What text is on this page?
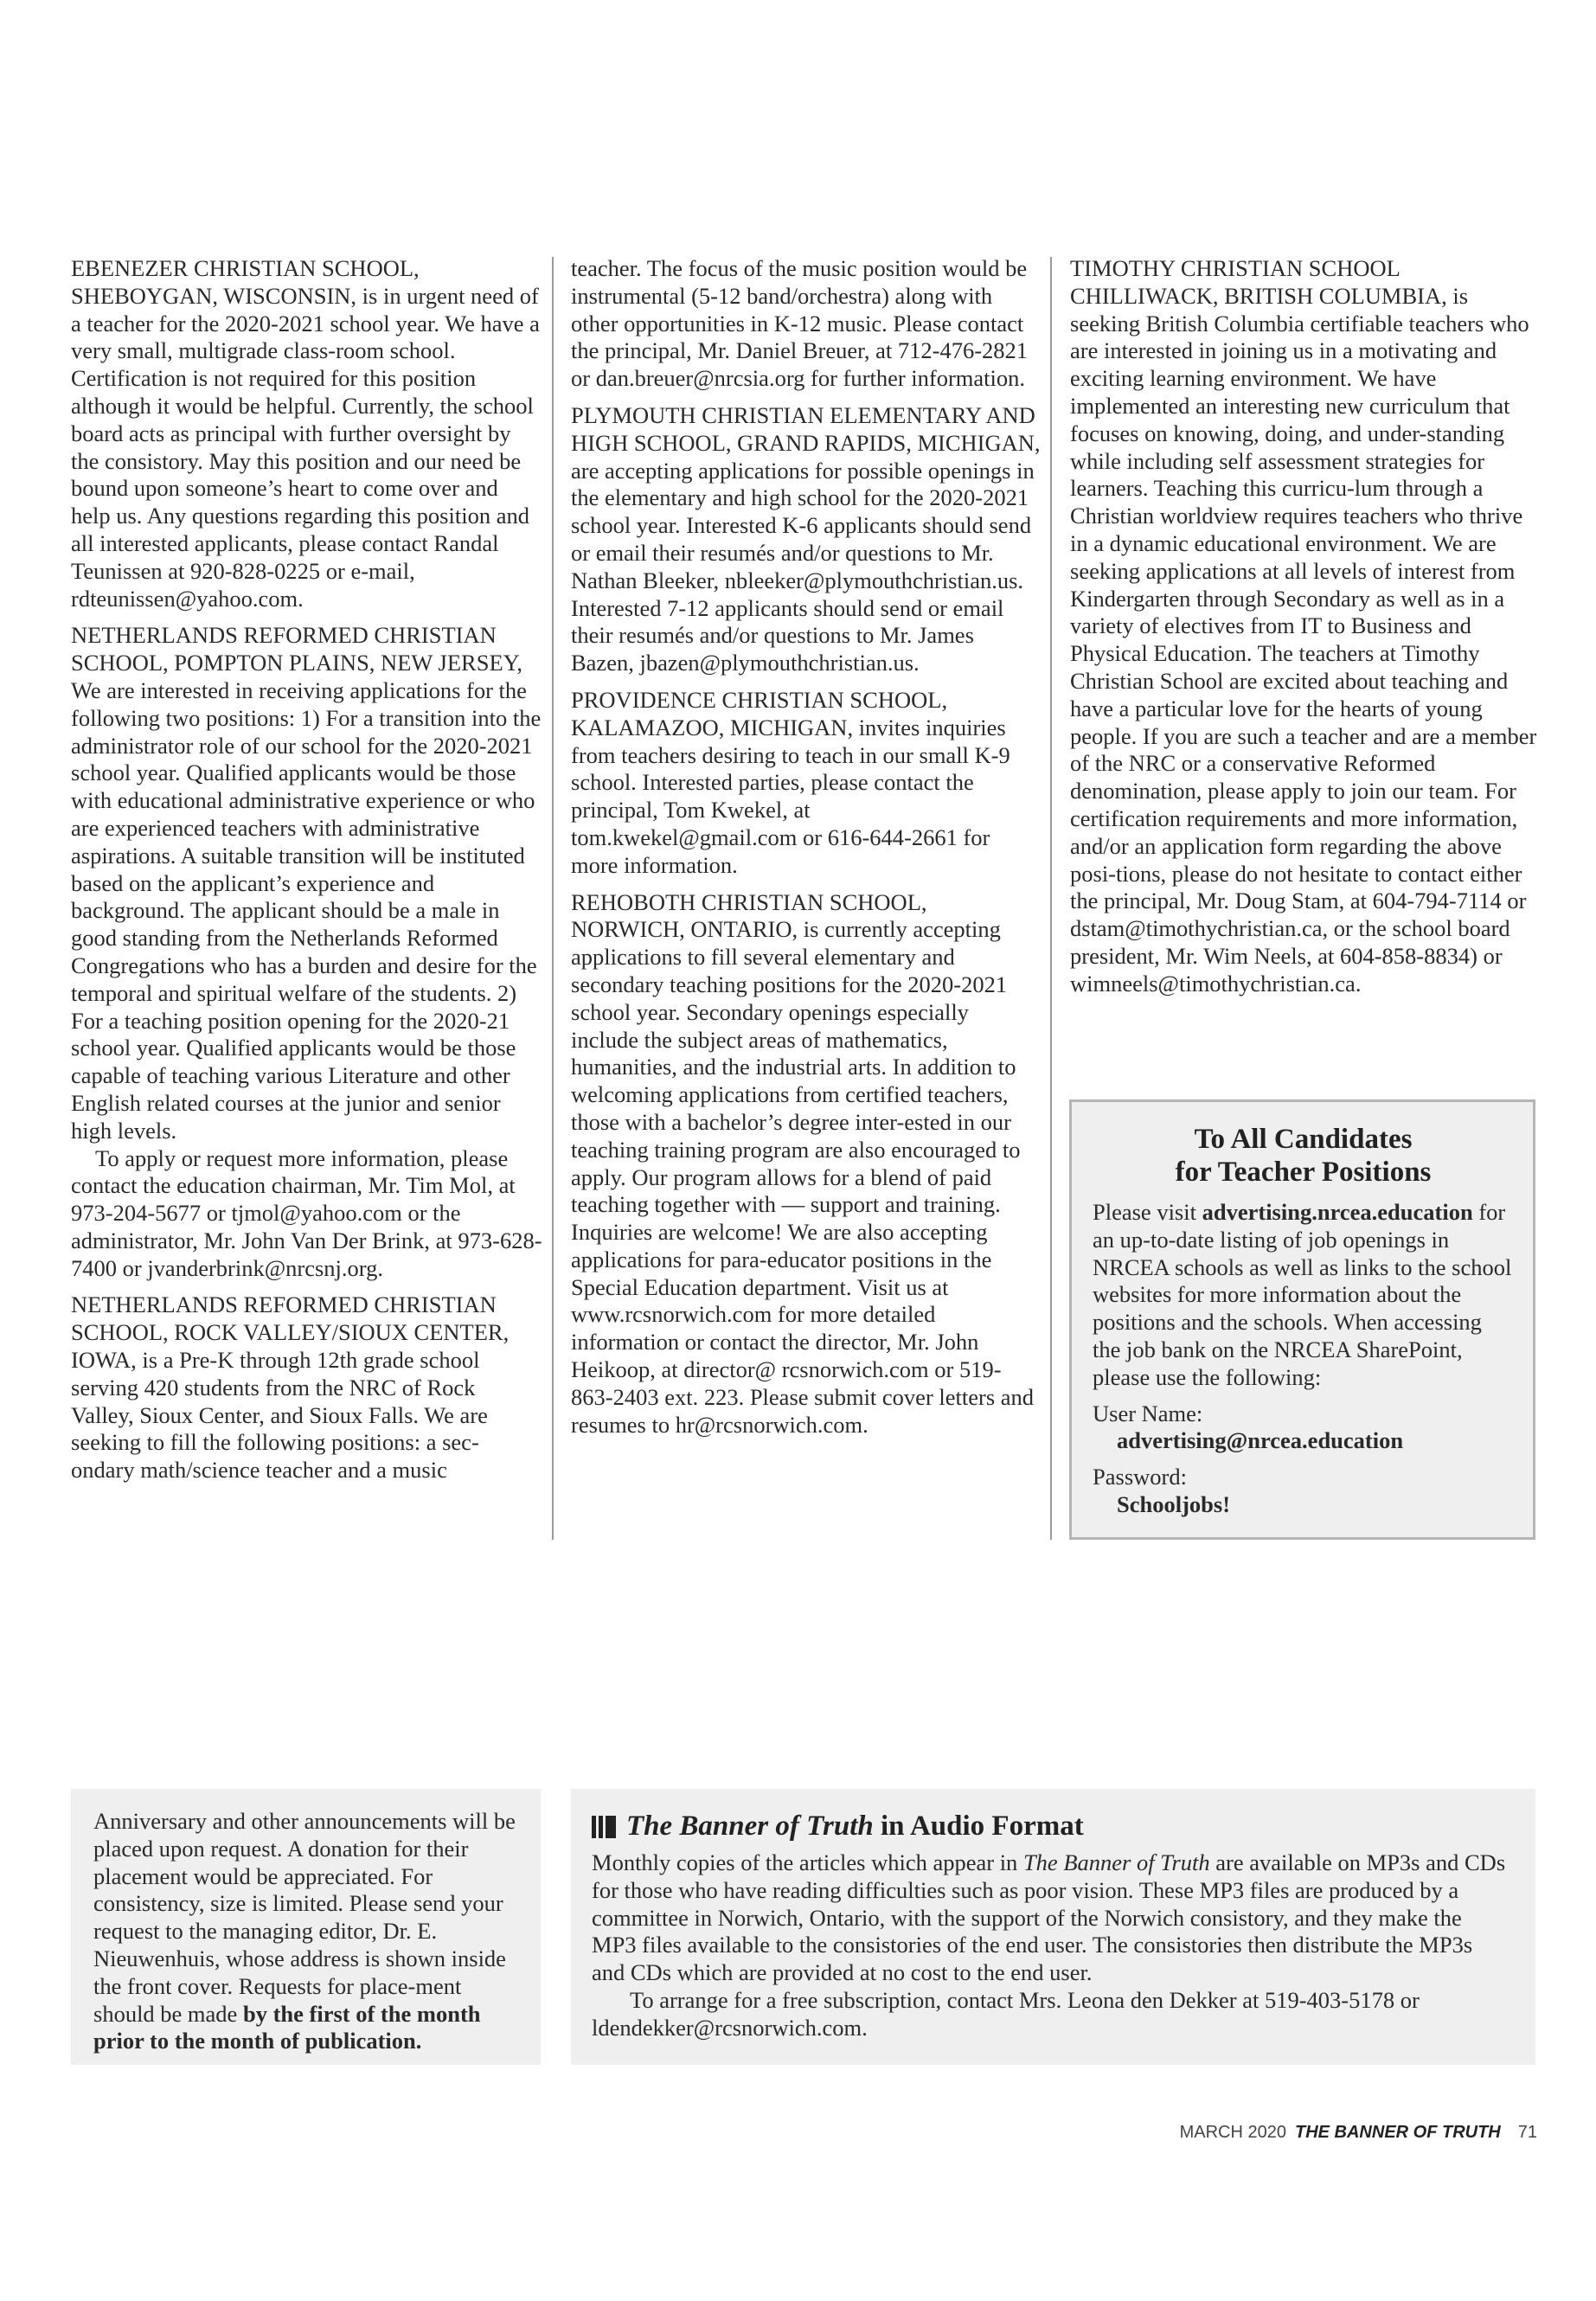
EBENEZER CHRISTIAN SCHOOL, SHEBOYGAN, WISCONSIN, is in urgent need of a teacher for the 2020-2021 school year. We have a very small, multigrade class-room school. Certification is not required for this position although it would be helpful. Currently, the school board acts as principal with further oversight by the consistory. May this position and our need be bound upon someone’s heart to come over and help us. Any questions regarding this position and all interested applicants, please contact Randal Teunissen at 920-828-0225 or e-mail, rdteunissen@yahoo.com.

NETHERLANDS REFORMED CHRISTIAN SCHOOL, POMPTON PLAINS, NEW JERSEY, We are interested in receiving applications for the following two positions: 1) For a transition into the administrator role of our school for the 2020-2021 school year. Qualified applicants would be those with educational administrative experience or who are experienced teachers with administrative aspirations. A suitable transition will be instituted based on the applicant’s experience and background. The applicant should be a male in good standing from the Netherlands Reformed Congregations who has a burden and desire for the temporal and spiritual welfare of the students. 2) For a teaching position opening for the 2020-21 school year. Qualified applicants would be those capable of teaching various Literature and other English related courses at the junior and senior high levels.

To apply or request more information, please contact the education chairman, Mr. Tim Mol, at 973-204-5677 or tjmol@yahoo.com or the administrator, Mr. John Van Der Brink, at 973-628-7400 or jvanderbrink@nrcsnj.org.

NETHERLANDS REFORMED CHRISTIAN SCHOOL, ROCK VALLEY/SIOUX CENTER, IOWA, is a Pre-K through 12th grade school serving 420 students from the NRC of Rock Valley, Sioux Center, and Sioux Falls. We are seeking to fill the following positions: a sec-ondary math/science teacher and a music

teacher. The focus of the music position would be instrumental (5-12 band/orchestra) along with other opportunities in K-12 music. Please contact the principal, Mr. Daniel Breuer, at 712-476-2821 or dan.breuer@nrcsia.org for further information.

PLYMOUTH CHRISTIAN ELEMENTARY AND HIGH SCHOOL, GRAND RAPIDS, MICHIGAN, are accepting applications for possible openings in the elementary and high school for the 2020-2021 school year. Interested K-6 applicants should send or email their resumés and/or questions to Mr. Nathan Bleeker, nbleeker@plymouthchristian.us. Interested 7-12 applicants should send or email their resumés and/or questions to Mr. James Bazen, jbazen@plymouthchristian.us.

PROVIDENCE CHRISTIAN SCHOOL, KALAMAZOO, MICHIGAN, invites inquiries from teachers desiring to teach in our small K-9 school. Interested parties, please contact the principal, Tom Kwekel, at tom.kwekel@gmail.com or 616-644-2661 for more information.

REHOBOTH CHRISTIAN SCHOOL, NORWICH, ONTARIO, is currently accepting applications to fill several elementary and secondary teaching positions for the 2020-2021 school year. Secondary openings especially include the subject areas of mathematics, humanities, and the industrial arts. In addition to welcoming applications from certified teachers, those with a bachelor’s degree inter-ested in our teaching training program are also encouraged to apply. Our program allows for a blend of paid teaching together with — support and training. Inquiries are welcome! We are also accepting applications for para-educator positions in the Special Education department. Visit us at www.rcsnorwich.com for more detailed information or contact the director, Mr. John Heikoop, at director@ rcsnorwich.com or 519-863-2403 ext. 223. Please submit cover letters and resumes to hr@rcsnorwich.com.

TIMOTHY CHRISTIAN SCHOOL CHILLIWACK, BRITISH COLUMBIA, is seeking British Columbia certifiable teachers who are interested in joining us in a motivating and exciting learning environment. We have implemented an interesting new curriculum that focuses on knowing, doing, and under-standing while including self assessment strategies for learners. Teaching this curricu-lum through a Christian worldview requires teachers who thrive in a dynamic educational environment. We are seeking applications at all levels of interest from Kindergarten through Secondary as well as in a variety of electives from IT to Business and Physical Education. The teachers at Timothy Christian School are excited about teaching and have a particular love for the hearts of young people. If you are such a teacher and are a member of the NRC or a conservative Reformed denomination, please apply to join our team. For certification requirements and more information, and/or an application form regarding the above posi-tions, please do not hesitate to contact either the principal, Mr. Doug Stam, at 604-794-7114 or dstam@timothychristian.ca, or the school board president, Mr. Wim Neels, at 604-858-8834) or wimneels@timothychristian.ca.

To All Candidates
for Teacher Positions

Please visit advertising.nrcea.education for an up-to-date listing of job openings in NRCEA schools as well as links to the school websites for more information about the positions and the schools. When accessing the job bank on the NRCEA SharePoint, please use the following:

User Name:
advertising@nrcea.education

Password:
Schooljobs!

Anniversary and other announcements will be placed upon request. A donation for their placement would be appreciated. For consistency, size is limited. Please send your request to the managing editor, Dr. E. Nieuwenhuis, whose address is shown inside the front cover. Requests for place-ment should be made by the first of the month prior to the month of publication.
The Banner of Truth in Audio Format

Monthly copies of the articles which appear in The Banner of Truth are available on MP3s and CDs for those who have reading difficulties such as poor vision. These MP3 files are produced by a committee in Norwich, Ontario, with the support of the Norwich consistory, and they make the MP3 files available to the consistories of the end user. The consistories then distribute the MP3s and CDs which are provided at no cost to the end user.

To arrange for a free subscription, contact Mrs. Leona den Dekker at 519-403-5178 or ldendekker@rcsnorwich.com.

MARCH 2020 THE BANNER OF TRUTH 71
